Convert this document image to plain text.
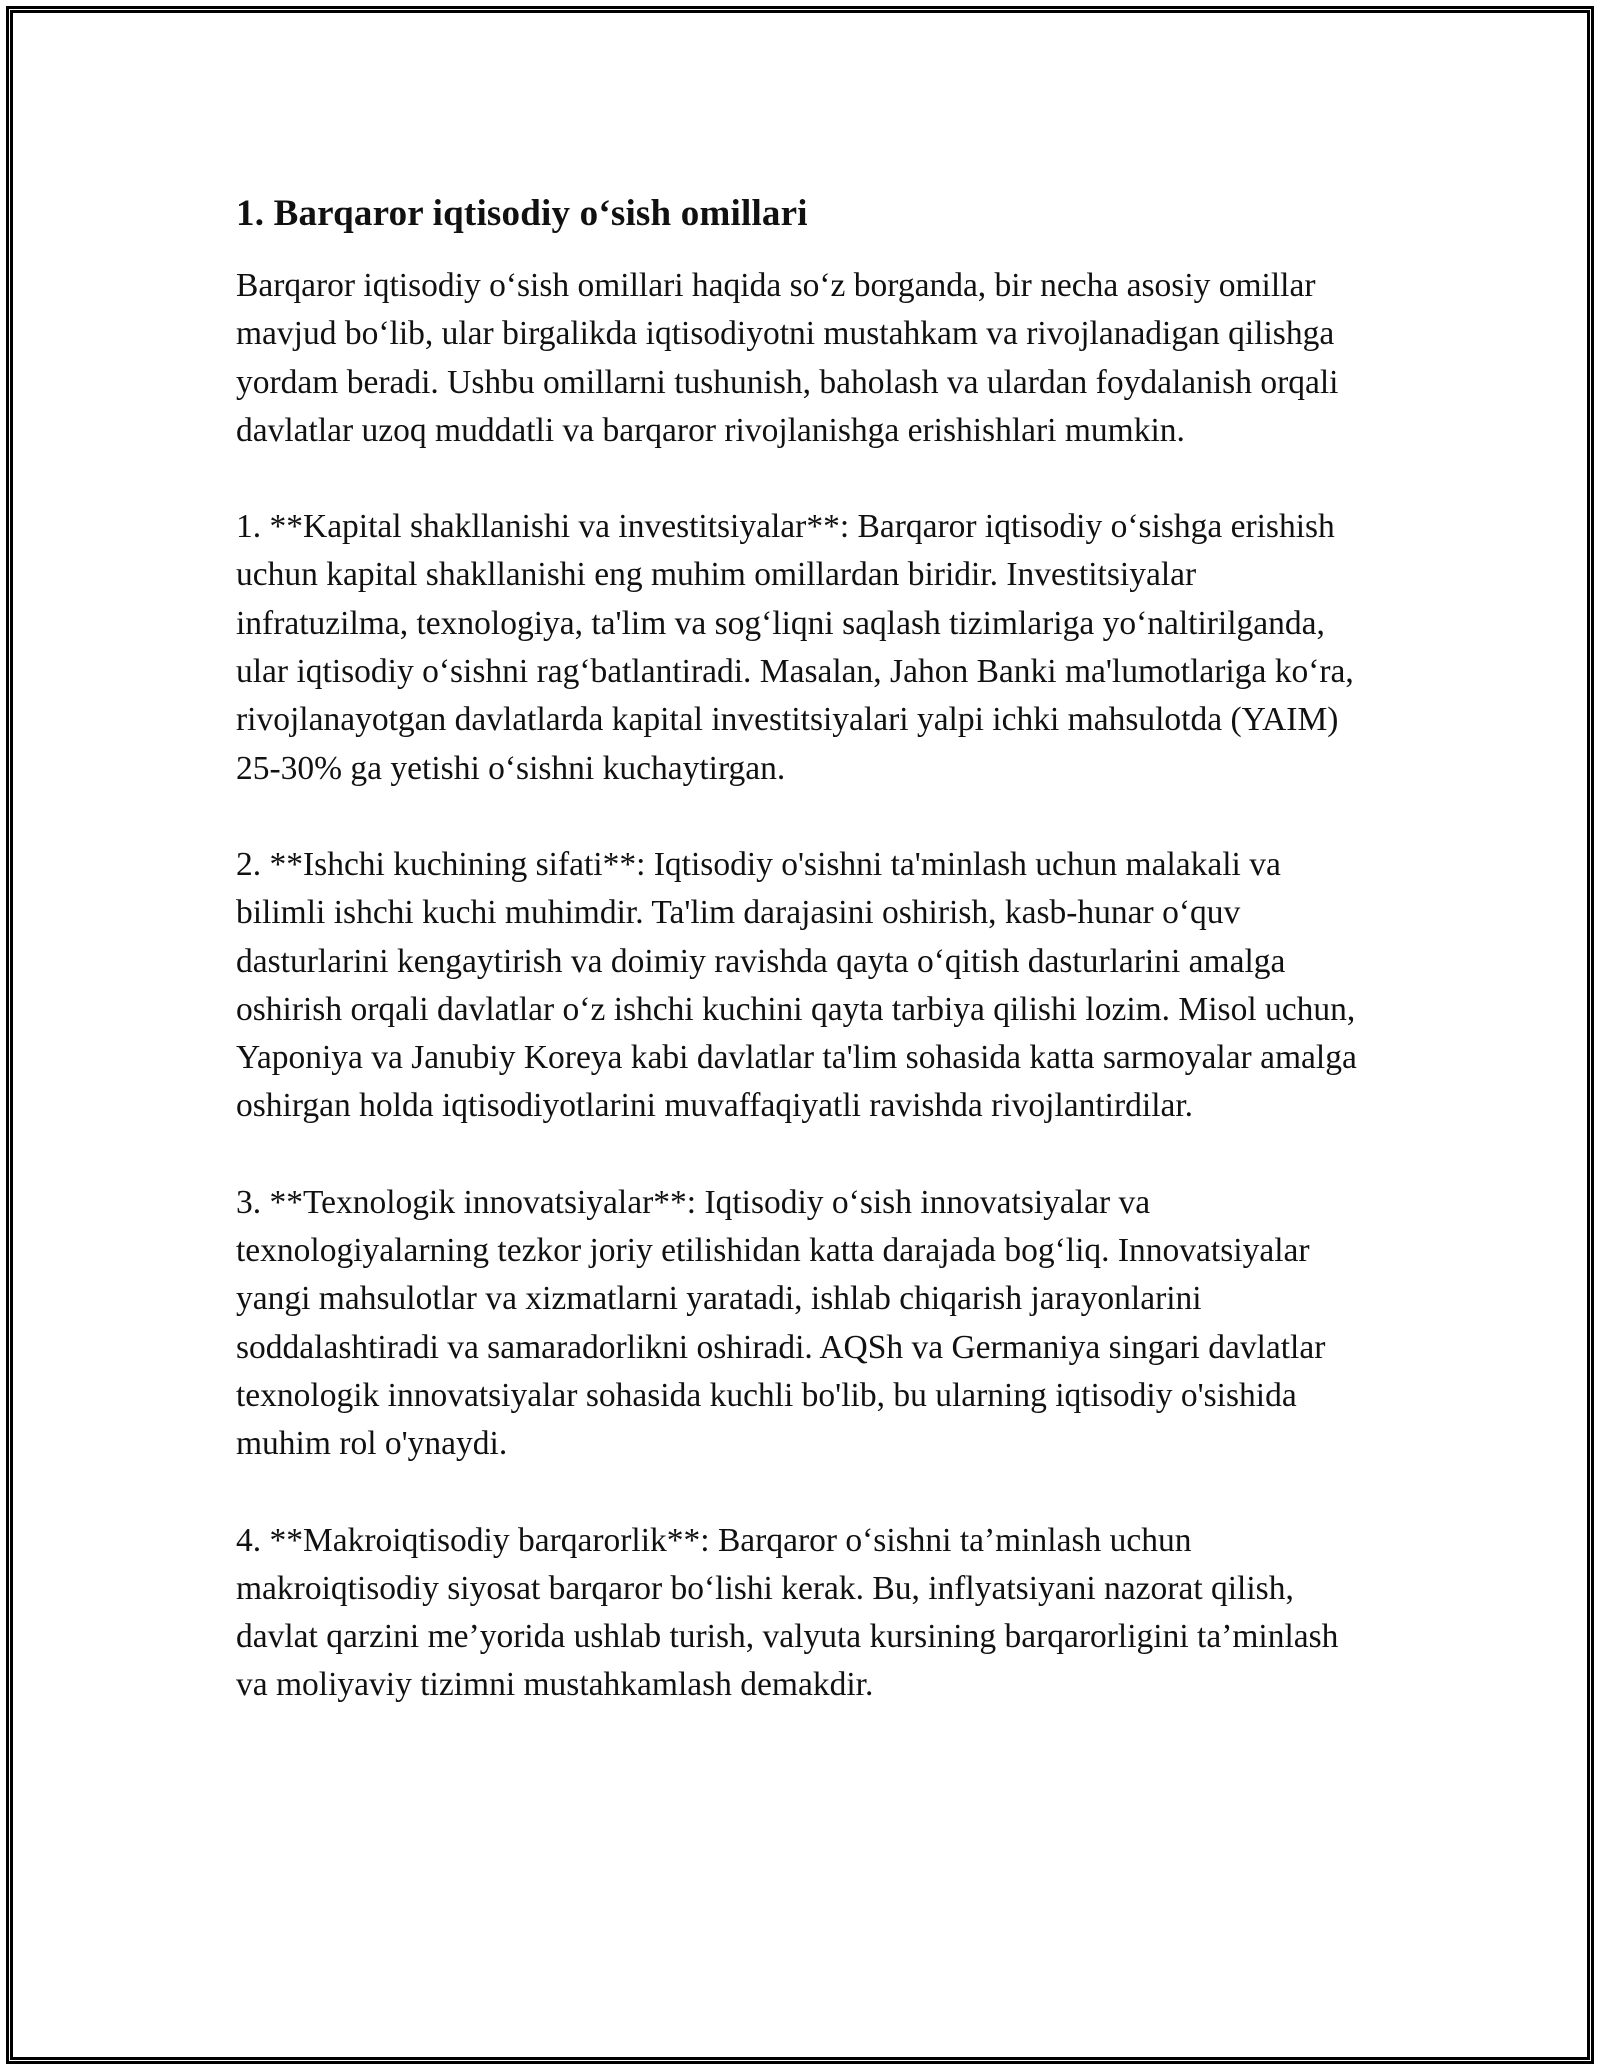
1. Barqaror iqtisodiy o‘sish omillari

Barqaror iqtisodiy o‘sish omillari haqida so‘z borganda, bir necha asosiy omillar mavjud bo‘lib, ular birgalikda iqtisodiyotni mustahkam va rivojlanadigan qilishga yordam beradi. Ushbu omillarni tushunish, baholash va ulardan foydalanish orqali davlatlar uzoq muddatli va barqaror rivojlanishga erishishlari mumkin.

1. **Kapital shakllanishi va investitsiyalar**: Barqaror iqtisodiy o‘sishga erishish uchun kapital shakllanishi eng muhim omillardan biridir. Investitsiyalar infratuzilma, texnologiya, ta'lim va sog‘liqni saqlash tizimlariga yo‘naltirilganda, ular iqtisodiy o‘sishni rag‘batlantiradi. Masalan, Jahon Banki ma'lumotlariga ko‘ra, rivojlanayotgan davlatlarda kapital investitsiyalari yalpi ichki mahsulotda (YAIM) 25-30% ga yetishi o‘sishni kuchaytirgan.

2. **Ishchi kuchining sifati**: Iqtisodiy o'sishni ta'minlash uchun malakali va bilimli ishchi kuchi muhimdir. Ta'lim darajasini oshirish, kasb-hunar o‘quv dasturlarini kengaytirish va doimiy ravishda qayta o‘qitish dasturlarini amalga oshirish orqali davlatlar o‘z ishchi kuchini qayta tarbiya qilishi lozim. Misol uchun, Yaponiya va Janubiy Koreya kabi davlatlar ta'lim sohasida katta sarmoyalar amalga oshirgan holda iqtisodiyotlarini muvaffaqiyatli ravishda rivojlantirdilar.

3. **Texnologik innovatsiyalar**: Iqtisodiy o‘sish innovatsiyalar va texnologiyalarning tezkor joriy etilishidan katta darajada bog‘liq. Innovatsiyalar yangi mahsulotlar va xizmatlarni yaratadi, ishlab chiqarish jarayonlarini soddalashtiradi va samaradorlikni oshiradi. AQSh va Germaniya singari davlatlar texnologik innovatsiyalar sohasida kuchli bo'lib, bu ularning iqtisodiy o'sishida muhim rol o'ynaydi.

4. **Makroiqtisodiy barqarorlik**: Barqaror o‘sishni ta’minlash uchun makroiqtisodiy siyosat barqaror bo‘lishi kerak. Bu, inflyatsiyani nazorat qilish, davlat qarzini me’yorida ushlab turish, valyuta kursining barqarorligini ta’minlash va moliyaviy tizimni mustahkamlash demakdir.
